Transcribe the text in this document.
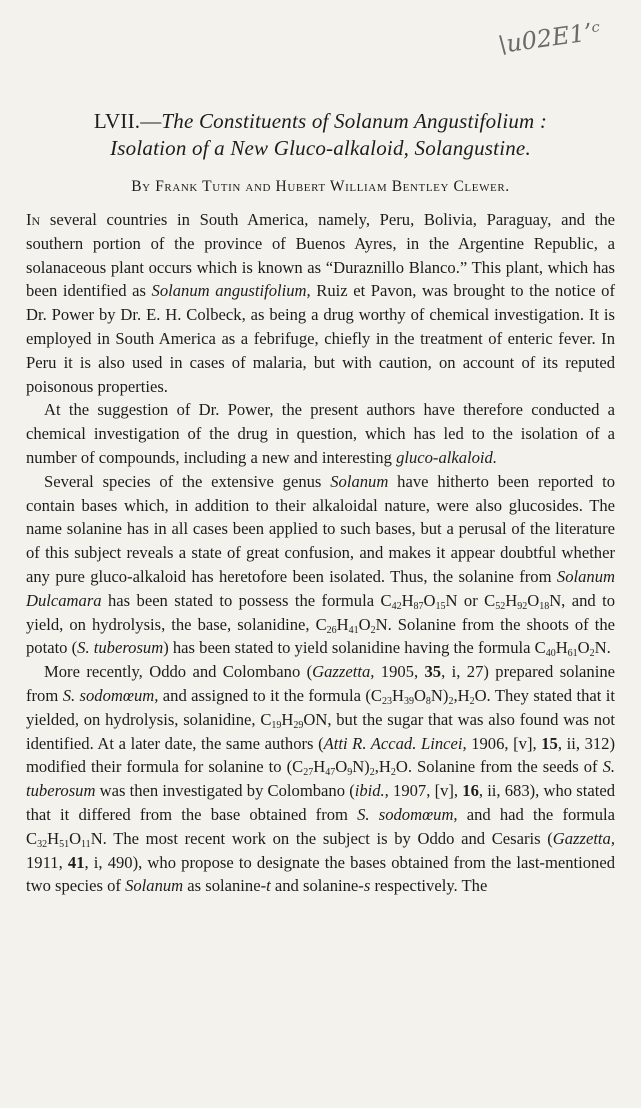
\u02E1’ᶜ
LVII.—The Constituents of Solanum Angustifolium :
Isolation of a New Gluco-alkaloid, Solangustine.
By Frank Tutin and Hubert William Bentley Clewer.

In several countries in South America, namely, Peru, Bolivia, Paraguay, and the southern portion of the province of Buenos Ayres, in the Argentine Republic, a solanaceous plant occurs which is known as “Duraznillo Blanco.” This plant, which has been identified as Solanum angustifolium, Ruiz et Pavon, was brought to the notice of Dr. Power by Dr. E. H. Colbeck, as being a drug worthy of chemical investigation. It is employed in South America as a febrifuge, chiefly in the treatment of enteric fever. In Peru it is also used in cases of malaria, but with caution, on account of its reputed poisonous properties.

At the suggestion of Dr. Power, the present authors have therefore conducted a chemical investigation of the drug in question, which has led to the isolation of a number of compounds, including a new and interesting gluco-alkaloid.

Several species of the extensive genus Solanum have hitherto been reported to contain bases which, in addition to their alkaloidal nature, were also glucosides. The name solanine has in all cases been applied to such bases, but a perusal of the literature of this subject reveals a state of great confusion, and makes it appear doubtful whether any pure gluco-alkaloid has heretofore been isolated. Thus, the solanine from Solanum Dulcamara has been stated to possess the formula $C_{42}H_{87}O_{15}N$ or $C_{52}H_{92}O_{18}N$, and to yield, on hydrolysis, the base, solanidine, $C_{26}H_{41}O_2N$. Solanine from the shoots of the potato (S. tuberosum) has been stated to yield solanidine having the formula $C_{40}H_{61}O_2N$.

More recently, Oddo and Colombano (Gazzetta, 1905, 35, i, 27) prepared solanine from S. sodomœum, and assigned to it the formula $(C_{23}H_{39}O_8N)_2,H_2O$. They stated that it yielded, on hydrolysis, solanidine, $C_{19}H_{29}ON$, but the sugar that was also found was not identified. At a later date, the same authors (Atti R. Accad. Lincei, 1906, [v], 15, ii, 312) modified their formula for solanine to $(C_{27}H_{47}O_9N)_2,H_2O$. Solanine from the seeds of S. tuberosum was then investigated by Colombano (ibid., 1907, [v], 16, ii, 683), who stated that it differed from the base obtained from S. sodomœum, and had the formula $C_{32}H_{51}O_{11}N$. The most recent work on the subject is by Oddo and Cesaris (Gazzetta, 1911, 41, i, 490), who propose to designate the bases obtained from the last-mentioned two species of Solanum as solanine-t and solanine-s respectively. The
